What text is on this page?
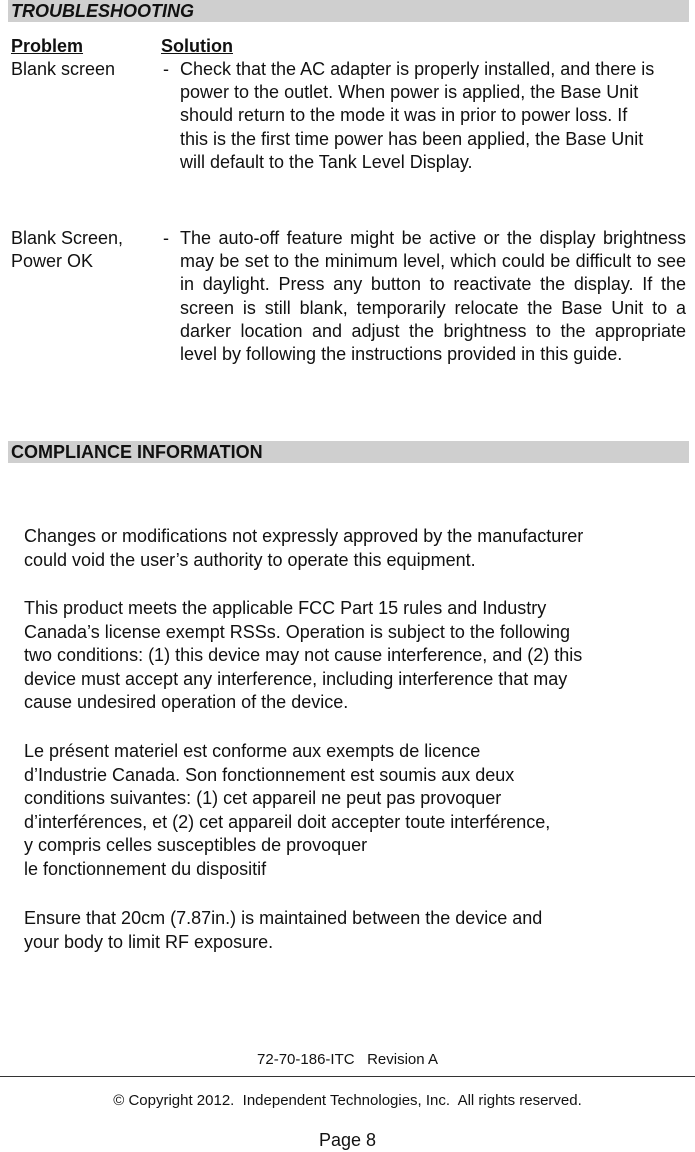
TROUBLESHOOTING
Problem	Solution
Blank screen	- Check that the AC adapter is properly installed, and there is power to the outlet. When power is applied, the Base Unit should return to the mode it was in prior to power loss. If this is the first time power has been applied, the Base Unit will default to the Tank Level Display.
Blank Screen,
Power OK
- The auto-off feature might be active or the display brightness may be set to the minimum level, which could be difficult to see in daylight. Press any button to reactivate the display. If the screen is still blank, temporarily relocate the Base Unit to a darker location and adjust the brightness to the appropriate level by following the instructions provided in this guide.
COMPLIANCE INFORMATION
Changes or modifications not expressly approved by the manufacturer
could void the user’s authority to operate this equipment.
This product meets the applicable FCC Part 15 rules and Industry
Canada’s license exempt RSSs. Operation is subject to the following
two conditions: (1) this device may not cause interference, and (2) this
device must accept any interference, including interference that may
cause undesired operation of the device.
Le présent materiel est conforme aux exempts de licence
d’Industrie Canada. Son fonctionnement est soumis aux deux
conditions suivantes: (1) cet appareil ne peut pas provoquer
d’interférences, et (2) cet appareil doit accepter toute interférence,
y compris celles susceptibles de provoquer
le fonctionnement du dispositif
Ensure that 20cm (7.87in.) is maintained between the device and
your body to limit RF exposure.
72-70-186-ITC   Revision A
© Copyright 2012.  Independent Technologies, Inc.  All rights reserved.
Page 8
